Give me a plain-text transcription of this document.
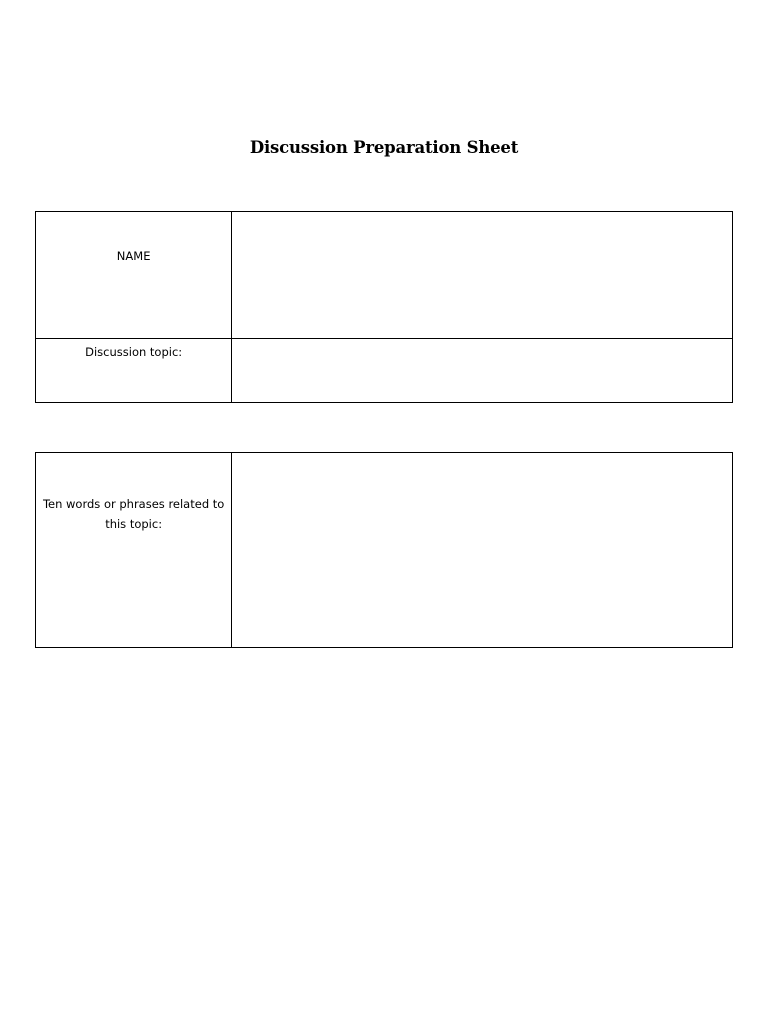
Discussion Preparation Sheet
NAME	

Discussion topic:	

Ten words or phrases related to this topic:
